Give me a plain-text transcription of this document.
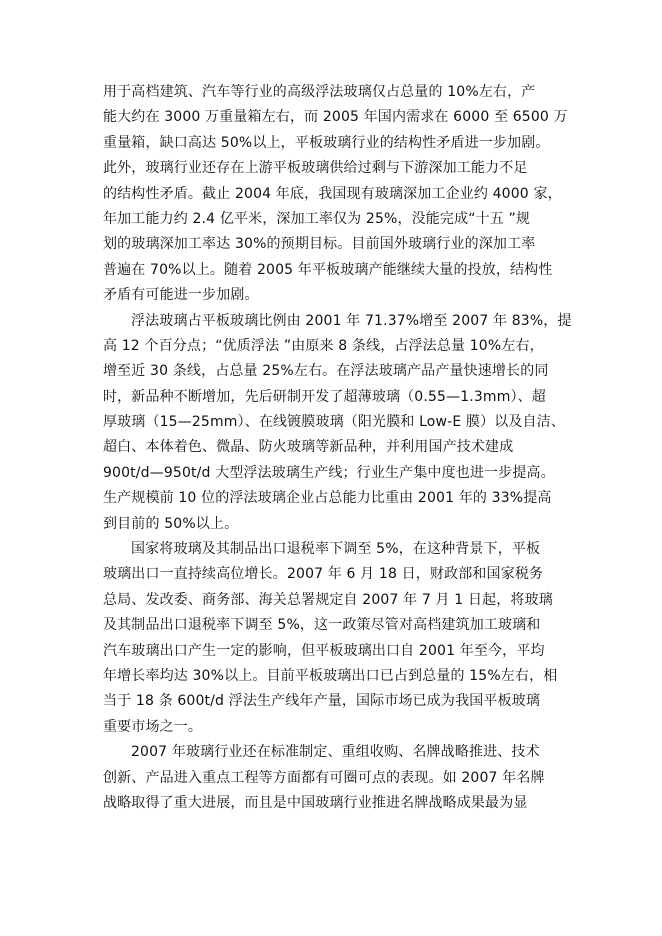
用于高档建筑、汽车等行业的高级浮法玻璃仅占总量的 10%左右，产
能大约在 3000 万重量箱左右，而 2005 年国内需求在 6000 至 6500 万
重量箱，缺口高达 50%以上，平板玻璃行业的结构性矛盾进一步加剧。
此外，玻璃行业还存在上游平板玻璃供给过剩与下游深加工能力不足
的结构性矛盾。截止 2004 年底，我国现有玻璃深加工企业约 4000 家，
年加工能力约 2.4 亿平米，深加工率仅为 25%，没能完成“十五 ”规
划的玻璃深加工率达 30%的预期目标。目前国外玻璃行业的深加工率
普遍在 70%以上。随着 2005 年平板玻璃产能继续大量的投放，结构性
矛盾有可能进一步加剧。
浮法玻璃占平板玻璃比例由 2001 年 71.37%增至 2007 年 83%，提
高 12 个百分点；“优质浮法 ”由原来 8 条线，占浮法总量 10%左右，
增至近 30 条线，占总量 25%左右。在浮法玻璃产品产量快速增长的同
时，新品种不断增加，先后研制开发了超薄玻璃（0.55—1.3mm）、超
厚玻璃（15—25mm）、在线镀膜玻璃（阳光膜和 Low-E 膜）以及自洁、
超白、本体着色、微晶、防火玻璃等新品种，并利用国产技术建成
900t/d—950t/d 大型浮法玻璃生产线；行业生产集中度也进一步提高。
生产规模前 10 位的浮法玻璃企业占总能力比重由 2001 年的 33%提高
到目前的 50%以上。
国家将玻璃及其制品出口退税率下调至 5%，在这种背景下，平板
玻璃出口一直持续高位增长。2007 年 6 月 18 日，财政部和国家税务
总局、发改委、商务部、海关总署规定自 2007 年 7 月 1 日起，将玻璃
及其制品出口退税率下调至 5%，这一政策尽管对高档建筑加工玻璃和
汽车玻璃出口产生一定的影响，但平板玻璃出口自 2001 年至今，平均
年增长率均达 30%以上。目前平板玻璃出口已占到总量的 15%左右，相
当于 18 条 600t/d 浮法生产线年产量，国际市场已成为我国平板玻璃
重要市场之一。
2007 年玻璃行业还在标准制定、重组收购、名牌战略推进、技术
创新、产品进入重点工程等方面都有可圈可点的表现。如 2007 年名牌
战略取得了重大进展，而且是中国玻璃行业推进名牌战略成果最为显
